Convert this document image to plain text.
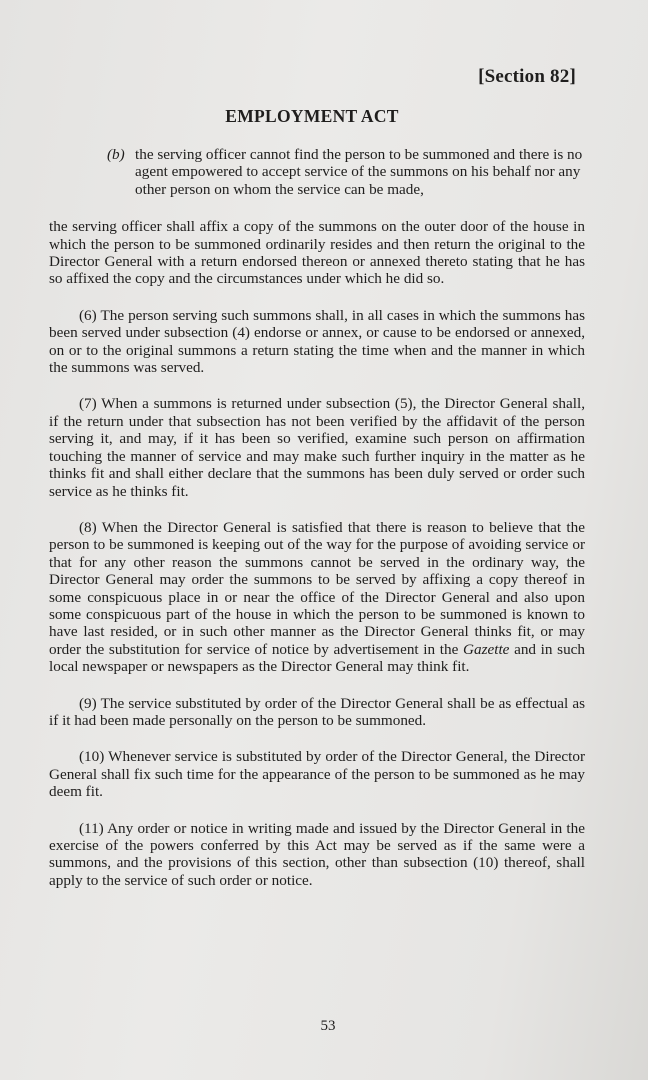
[Section 82]
EMPLOYMENT ACT
(b) the serving officer cannot find the person to be summoned and there is no agent empowered to accept service of the summons on his behalf nor any other person on whom the service can be made,

the serving officer shall affix a copy of the summons on the outer door of the house in which the person to be summoned ordinarily resides and then return the original to the Director General with a return endorsed thereon or annexed thereto stating that he has so affixed the copy and the circumstances under which he did so.

(6) The person serving such summons shall, in all cases in which the summons has been served under subsection (4) endorse or annex, or cause to be endorsed or annexed, on or to the original summons a return stating the time when and the manner in which the summons was served.

(7) When a summons is returned under subsection (5), the Director General shall, if the return under that subsection has not been verified by the affidavit of the person serving it, and may, if it has been so verified, examine such person on affirmation touching the manner of service and may make such further inquiry in the matter as he thinks fit and shall either declare that the summons has been duly served or order such service as he thinks fit.

(8) When the Director General is satisfied that there is reason to believe that the person to be summoned is keeping out of the way for the purpose of avoiding service or that for any other reason the summons cannot be served in the ordinary way, the Director General may order the summons to be served by affixing a copy thereof in some conspicuous place in or near the office of the Director General and also upon some conspicuous part of the house in which the person to be summoned is known to have last resided, or in such other manner as the Director General thinks fit, or may order the substitution for service of notice by advertisement in the Gazette and in such local newspaper or newspapers as the Director General may think fit.

(9) The service substituted by order of the Director General shall be as effectual as if it had been made personally on the person to be summoned.

(10) Whenever service is substituted by order of the Director General, the Director General shall fix such time for the appearance of the person to be summoned as he may deem fit.

(11) Any order or notice in writing made and issued by the Director General in the exercise of the powers conferred by this Act may be served as if the same were a summons, and the provisions of this section, other than subsection (10) thereof, shall apply to the service of such order or notice.

53
